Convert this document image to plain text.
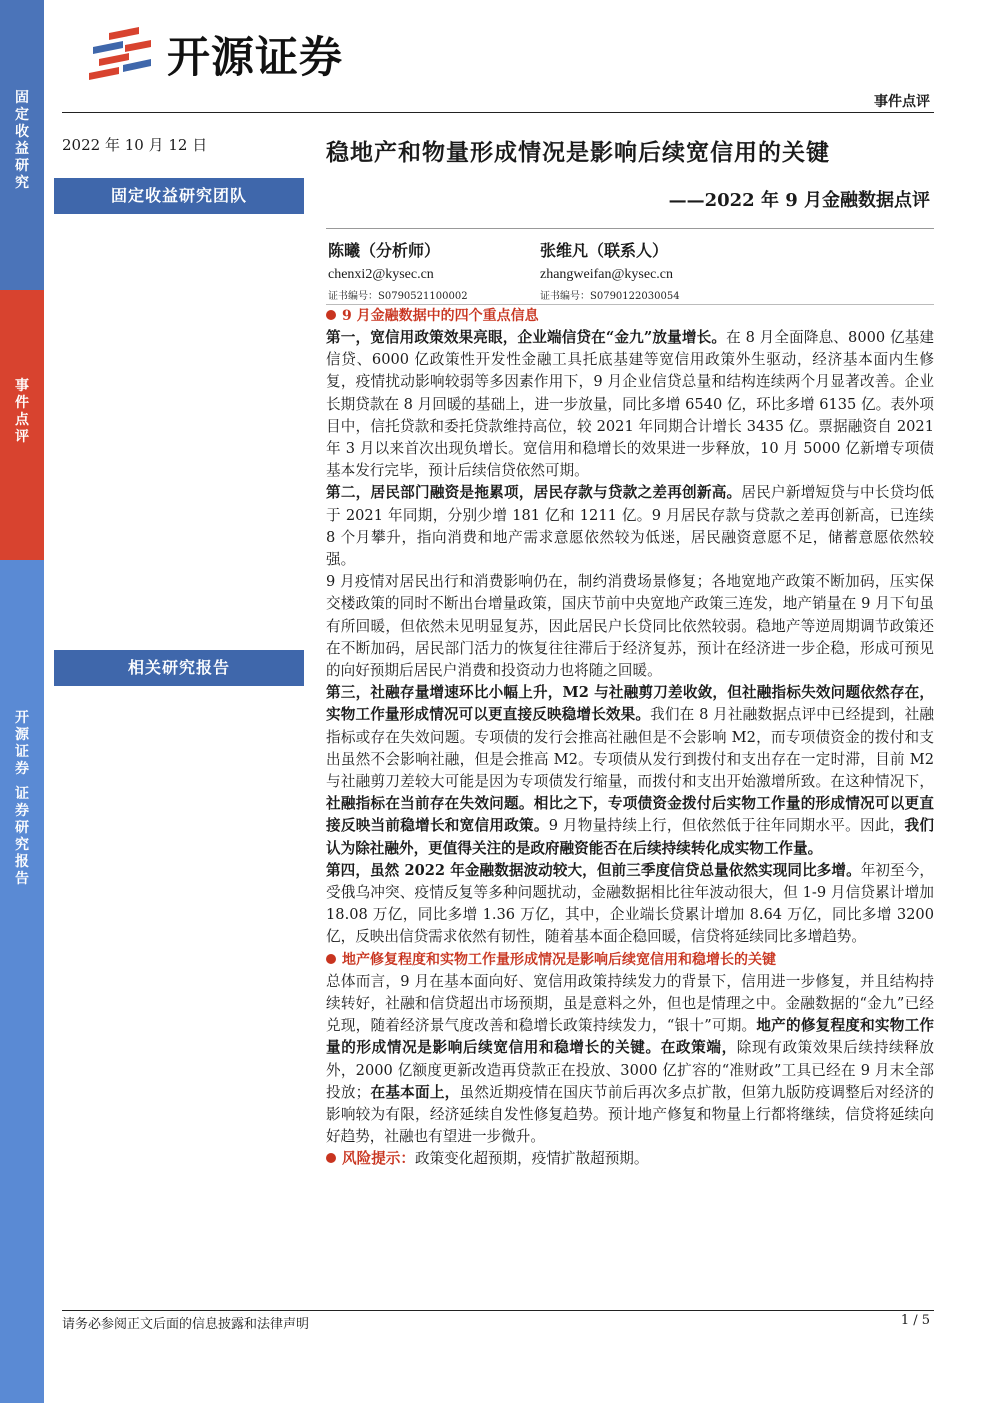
固
定
收
益
研
究
事
件
点
评
开
源
证
券
证
券
研
究
报
告
开源证券
事件点评
2022 年 10 月 12 日
固定收益研究团队
相关研究报告
稳地产和物量形成情况是影响后续宽信用的关键
——2022 年 9 月金融数据点评
陈曦（分析师）
chenxi2@kysec.cn
证书编号：S0790521100002
张维凡（联系人）
zhangweifan@kysec.cn
证书编号：S0790122030054

9 月金融数据中的四个重点信息

第一，宽信用政策效果亮眼，企业端信贷在“金九”放量增长。在 8 月全面降息、8000 亿基建信贷、6000 亿政策性开发性金融工具托底基建等宽信用政策外生驱动，经济基本面内生修复，疫情扰动影响较弱等多因素作用下，9 月企业信贷总量和结构连续两个月显著改善。企业长期贷款在 8 月回暖的基础上，进一步放量，同比多增 6540 亿，环比多增 6135 亿。表外项目中，信托贷款和委托贷款维持高位，较 2021 年同期合计增长 3435 亿。票据融资自 2021 年 3 月以来首次出现负增长。宽信用和稳增长的效果进一步释放，10 月 5000 亿新增专项债基本发行完毕，预计后续信贷依然可期。

第二，居民部门融资是拖累项，居民存款与贷款之差再创新高。居民户新增短贷与中长贷均低于 2021 年同期，分别少增 181 亿和 1211 亿。9 月居民存款与贷款之差再创新高，已连续 8 个月攀升，指向消费和地产需求意愿依然较为低迷，居民融资意愿不足，储蓄意愿依然较强。

9 月疫情对居民出行和消费影响仍在，制约消费场景修复；各地宽地产政策不断加码，压实保交楼政策的同时不断出台增量政策，国庆节前中央宽地产政策三连发，地产销量在 9 月下旬虽有所回暖，但依然未见明显复苏，因此居民户长贷同比依然较弱。稳地产等逆周期调节政策还在不断加码，居民部门活力的恢复往往滞后于经济复苏，预计在经济进一步企稳，形成可预见的向好预期后居民户消费和投资动力也将随之回暖。

第三，社融存量增速环比小幅上升，M2 与社融剪刀差收敛，但社融指标失效问题依然存在，实物工作量形成情况可以更直接反映稳增长效果。我们在 8 月社融数据点评中已经提到，社融指标或存在失效问题。专项债的发行会推高社融但是不会影响 M2，而专项债资金的拨付和支出虽然不会影响社融，但是会推高 M2。专项债从发行到拨付和支出存在一定时滞，目前 M2 与社融剪刀差较大可能是因为专项债发行缩量，而拨付和支出开始激增所致。在这种情况下，社融指标在当前存在失效问题。相比之下，专项债资金拨付后实物工作量的形成情况可以更直接反映当前稳增长和宽信用政策。9 月物量持续上行，但依然低于往年同期水平。因此，我们认为除社融外，更值得关注的是政府融资能否在后续持续转化成实物工作量。

第四，虽然 2022 年金融数据波动较大，但前三季度信贷总量依然实现同比多增。年初至今，受俄乌冲突、疫情反复等多种问题扰动，金融数据相比往年波动很大，但 1-9 月信贷累计增加 18.08 万亿，同比多增 1.36 万亿，其中，企业端长贷累计增加 8.64 万亿，同比多增 3200 亿，反映出信贷需求依然有韧性，随着基本面企稳回暖，信贷将延续同比多增趋势。

地产修复程度和实物工作量形成情况是影响后续宽信用和稳增长的关键

总体而言，9 月在基本面向好、宽信用政策持续发力的背景下，信用进一步修复，并且结构持续转好，社融和信贷超出市场预期，虽是意料之外，但也是情理之中。金融数据的“金九”已经兑现，随着经济景气度改善和稳增长政策持续发力，“银十”可期。地产的修复程度和实物工作量的形成情况是影响后续宽信用和稳增长的关键。在政策端，除现有政策效果后续持续释放外，2000 亿额度更新改造再贷款正在投放、3000 亿扩容的“准财政”工具已经在 9 月末全部投放；在基本面上，虽然近期疫情在国庆节前后再次多点扩散，但第九版防疫调整后对经济的影响较为有限，经济延续自发性修复趋势。预计地产修复和物量上行都将继续，信贷将延续向好趋势，社融也有望进一步微升。

风险提示：政策变化超预期，疫情扩散超预期。

请务必参阅正文后面的信息披露和法律声明	1 / 5
